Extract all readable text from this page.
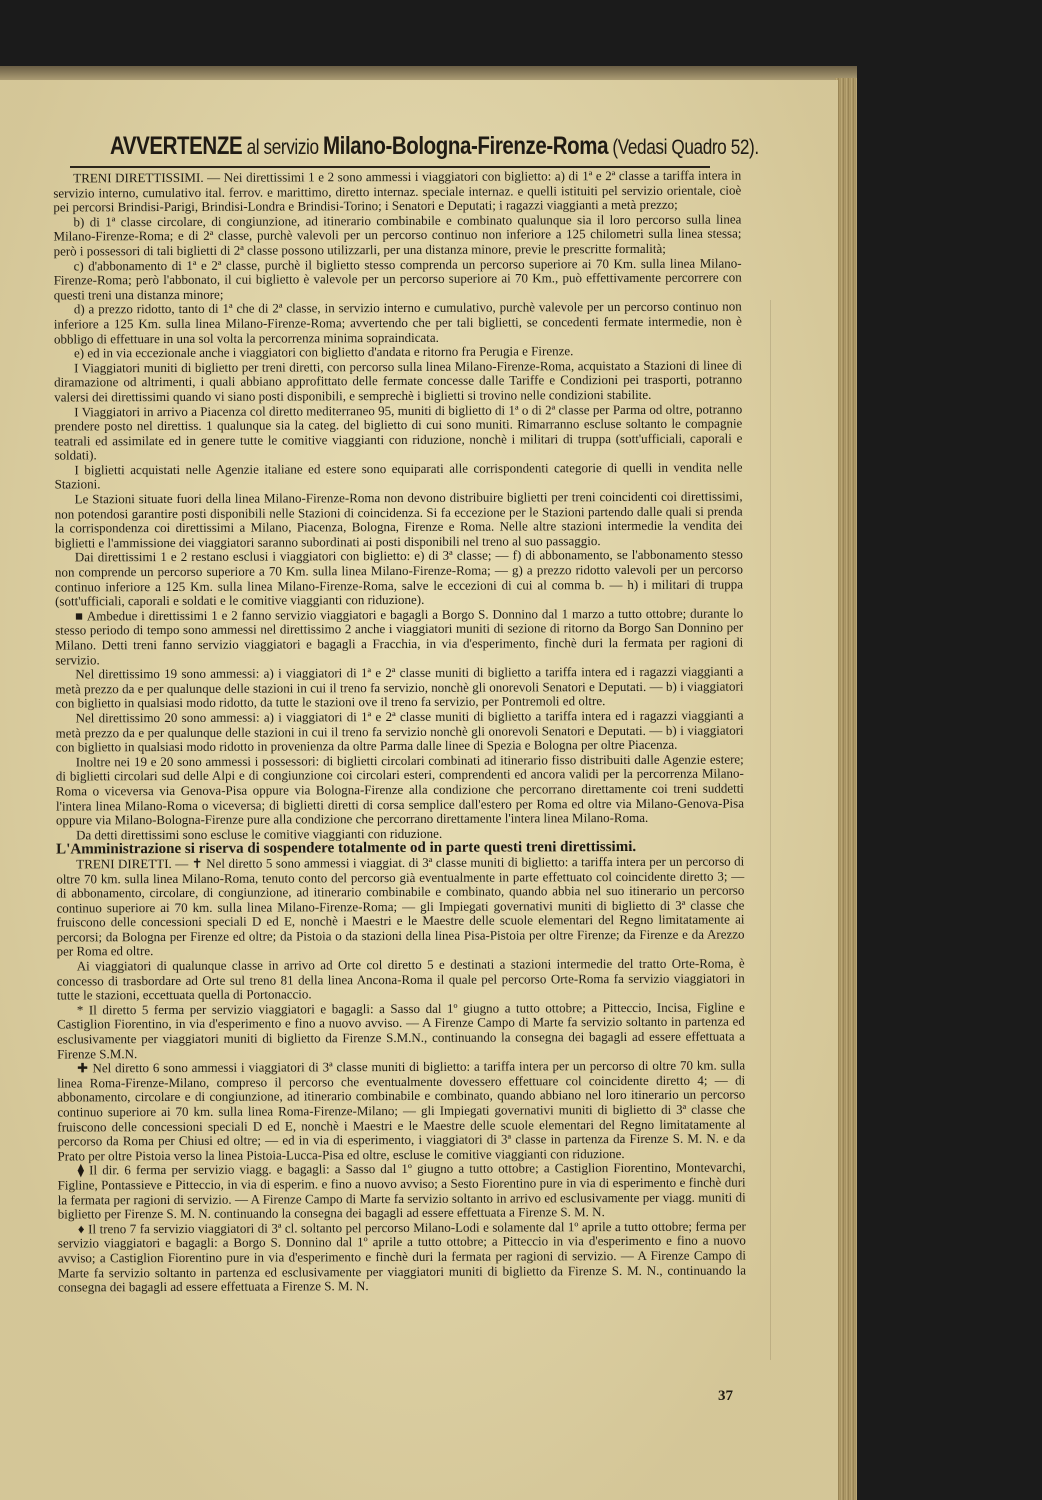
AVVERTENZE al servizio Milano-Bologna-Firenze-Roma (Vedasi Quadro 52).

TRENI DIRETTISSIMI. — Nei direttissimi 1 e 2 sono ammessi i viaggiatori con biglietto: a) di 1ª e 2ª classe a tariffa intera in servizio interno, cumulativo ital. ferrov. e marittimo, diretto internaz. speciale internaz. e quelli istituiti pel servizio orientale, cioè pei percorsi Brindisi-Parigi, Brindisi-Londra e Brindisi-Torino; i Senatori e Deputati; i ragazzi viaggianti a metà prezzo;

b) di 1ª classe circolare, di congiunzione, ad itinerario combinabile e combinato qualunque sia il loro percorso sulla linea Milano-Firenze-Roma; e di 2ª classe, purchè valevoli per un percorso continuo non inferiore a 125 chilometri sulla linea stessa; però i possessori di tali biglietti di 2ª classe possono utilizzarli, per una distanza minore, previe le prescritte formalità;

c) d'abbonamento di 1ª e 2ª classe, purchè il biglietto stesso comprenda un percorso superiore ai 70 Km. sulla linea Milano-Firenze-Roma; però l'abbonato, il cui biglietto è valevole per un percorso superiore ai 70 Km., può effettivamente percorrere con questi treni una distanza minore;

d) a prezzo ridotto, tanto di 1ª che di 2ª classe, in servizio interno e cumulativo, purchè valevole per un percorso continuo non inferiore a 125 Km. sulla linea Milano-Firenze-Roma; avvertendo che per tali biglietti, se concedenti fermate intermedie, non è obbligo di effettuare in una sol volta la percorrenza minima sopraindicata.

e) ed in via eccezionale anche i viaggiatori con biglietto d'andata e ritorno fra Perugia e Firenze.

I Viaggiatori muniti di biglietto per treni diretti, con percorso sulla linea Milano-Firenze-Roma, acquistato a Stazioni di linee di diramazione od altrimenti, i quali abbiano approfittato delle fermate concesse dalle Tariffe e Condizioni pei trasporti, potranno valersi dei direttissimi quando vi siano posti disponibili, e semprechè i biglietti si trovino nelle condizioni stabilite.

I Viaggiatori in arrivo a Piacenza col diretto mediterraneo 95, muniti di biglietto di 1ª o di 2ª classe per Parma od oltre, potranno prendere posto nel direttiss. 1 qualunque sia la categ. del biglietto di cui sono muniti. Rimarranno escluse soltanto le compagnie teatrali ed assimilate ed in genere tutte le comitive viaggianti con riduzione, nonchè i militari di truppa (sott'ufficiali, caporali e soldati).

I biglietti acquistati nelle Agenzie italiane ed estere sono equiparati alle corrispondenti categorie di quelli in vendita nelle Stazioni.

Le Stazioni situate fuori della linea Milano-Firenze-Roma non devono distribuire biglietti per treni coincidenti coi direttissimi, non potendosi garantire posti disponibili nelle Stazioni di coincidenza. Si fa eccezione per le Stazioni partendo dalle quali si prenda la corrispondenza coi direttissimi a Milano, Piacenza, Bologna, Firenze e Roma. Nelle altre stazioni intermedie la vendita dei biglietti e l'ammissione dei viaggiatori saranno subordinati ai posti disponibili nel treno al suo passaggio.

Dai direttissimi 1 e 2 restano esclusi i viaggiatori con biglietto: e) di 3ª classe; — f) di abbonamento, se l'abbonamento stesso non comprende un percorso superiore a 70 Km. sulla linea Milano-Firenze-Roma; — g) a prezzo ridotto valevoli per un percorso continuo inferiore a 125 Km. sulla linea Milano-Firenze-Roma, salve le eccezioni di cui al comma b. — h) i militari di truppa (sott'ufficiali, caporali e soldati e le comitive viaggianti con riduzione).

■ Ambedue i direttissimi 1 e 2 fanno servizio viaggiatori e bagagli a Borgo S. Donnino dal 1 marzo a tutto ottobre; durante lo stesso periodo di tempo sono ammessi nel direttissimo 2 anche i viaggiatori muniti di sezione di ritorno da Borgo San Donnino per Milano. Detti treni fanno servizio viaggiatori e bagagli a Fracchia, in via d'esperimento, finchè duri la fermata per ragioni di servizio.

Nel direttissimo 19 sono ammessi: a) i viaggiatori di 1ª e 2ª classe muniti di biglietto a tariffa intera ed i ragazzi viaggianti a metà prezzo da e per qualunque delle stazioni in cui il treno fa servizio, nonchè gli onorevoli Senatori e Deputati. — b) i viaggiatori con biglietto in qualsiasi modo ridotto, da tutte le stazioni ove il treno fa servizio, per Pontremoli ed oltre.

Nel direttissimo 20 sono ammessi: a) i viaggiatori di 1ª e 2ª classe muniti di biglietto a tariffa intera ed i ragazzi viaggianti a metà prezzo da e per qualunque delle stazioni in cui il treno fa servizio nonchè gli onorevoli Senatori e Deputati. — b) i viaggiatori con biglietto in qualsiasi modo ridotto in provenienza da oltre Parma dalle linee di Spezia e Bologna per oltre Piacenza.

Inoltre nei 19 e 20 sono ammessi i possessori: di biglietti circolari combinati ad itinerario fisso distribuiti dalle Agenzie estere; di biglietti circolari sud delle Alpi e di congiunzione coi circolari esteri, comprendenti ed ancora validi per la percorrenza Milano-Roma o viceversa via Genova-Pisa oppure via Bologna-Firenze alla condizione che percorrano direttamente coi treni suddetti l'intera linea Milano-Roma o viceversa; di biglietti diretti di corsa semplice dall'estero per Roma ed oltre via Milano-Genova-Pisa oppure via Milano-Bologna-Firenze pure alla condizione che percorrano direttamente l'intera linea Milano-Roma.

Da detti direttissimi sono escluse le comitive viaggianti con riduzione.

L'Amministrazione si riserva di sospendere totalmente od in parte questi treni direttissimi.

TRENI DIRETTI. — ✝ Nel diretto 5 sono ammessi i viaggiat. di 3ª classe muniti di biglietto: a tariffa intera per un percorso di oltre 70 km. sulla linea Milano-Roma, tenuto conto del percorso già eventualmente in parte effettuato col coincidente diretto 3; — di abbonamento, circolare, di congiunzione, ad itinerario combinabile e combinato, quando abbia nel suo itinerario un percorso continuo superiore ai 70 km. sulla linea Milano-Firenze-Roma; — gli Impiegati governativi muniti di biglietto di 3ª classe che fruiscono delle concessioni speciali D ed E, nonchè i Maestri e le Maestre delle scuole elementari del Regno limitatamente ai percorsi; da Bologna per Firenze ed oltre; da Pistoia o da stazioni della linea Pisa-Pistoia per oltre Firenze; da Firenze e da Arezzo per Roma ed oltre.

Ai viaggiatori di qualunque classe in arrivo ad Orte col diretto 5 e destinati a stazioni intermedie del tratto Orte-Roma, è concesso di trasbordare ad Orte sul treno 81 della linea Ancona-Roma il quale pel percorso Orte-Roma fa servizio viaggiatori in tutte le stazioni, eccettuata quella di Portonaccio.

* Il diretto 5 ferma per servizio viaggiatori e bagagli: a Sasso dal 1º giugno a tutto ottobre; a Pitteccio, Incisa, Figline e Castiglion Fiorentino, in via d'esperimento e fino a nuovo avviso. — A Firenze Campo di Marte fa servizio soltanto in partenza ed esclusivamente per viaggiatori muniti di biglietto da Firenze S.M.N., continuando la consegna dei bagagli ad essere effettuata a Firenze S.M.N.

✚ Nel diretto 6 sono ammessi i viaggiatori di 3ª classe muniti di biglietto: a tariffa intera per un percorso di oltre 70 km. sulla linea Roma-Firenze-Milano, compreso il percorso che eventualmente dovessero effettuare col coincidente diretto 4; — di abbonamento, circolare e di congiunzione, ad itinerario combinabile e combinato, quando abbiano nel loro itinerario un percorso continuo superiore ai 70 km. sulla linea Roma-Firenze-Milano; — gli Impiegati governativi muniti di biglietto di 3ª classe che fruiscono delle concessioni speciali D ed E, nonchè i Maestri e le Maestre delle scuole elementari del Regno limitatamente al percorso da Roma per Chiusi ed oltre; — ed in via di esperimento, i viaggiatori di 3ª classe in partenza da Firenze S. M. N. e da Prato per oltre Pistoia verso la linea Pistoia-Lucca-Pisa ed oltre, escluse le comitive viaggianti con riduzione.

⧫ Il dir. 6 ferma per servizio viagg. e bagagli: a Sasso dal 1º giugno a tutto ottobre; a Castiglion Fiorentino, Montevarchi, Figline, Pontassieve e Pitteccio, in via di esperim. e fino a nuovo avviso; a Sesto Fiorentino pure in via di esperimento e finchè duri la fermata per ragioni di servizio. — A Firenze Campo di Marte fa servizio soltanto in arrivo ed esclusivamente per viagg. muniti di biglietto per Firenze S. M. N. continuando la consegna dei bagagli ad essere effettuata a Firenze S. M. N.

♦ Il treno 7 fa servizio viaggiatori di 3ª cl. soltanto pel percorso Milano-Lodi e solamente dal 1º aprile a tutto ottobre; ferma per servizio viaggiatori e bagagli: a Borgo S. Donnino dal 1º aprile a tutto ottobre; a Pitteccio in via d'esperimento e fino a nuovo avviso; a Castiglion Fiorentino pure in via d'esperimento e finchè duri la fermata per ragioni di servizio. — A Firenze Campo di Marte fa servizio soltanto in partenza ed esclusivamente per viaggiatori muniti di biglietto da Firenze S. M. N., continuando la consegna dei bagagli ad essere effettuata a Firenze S. M. N.

37
